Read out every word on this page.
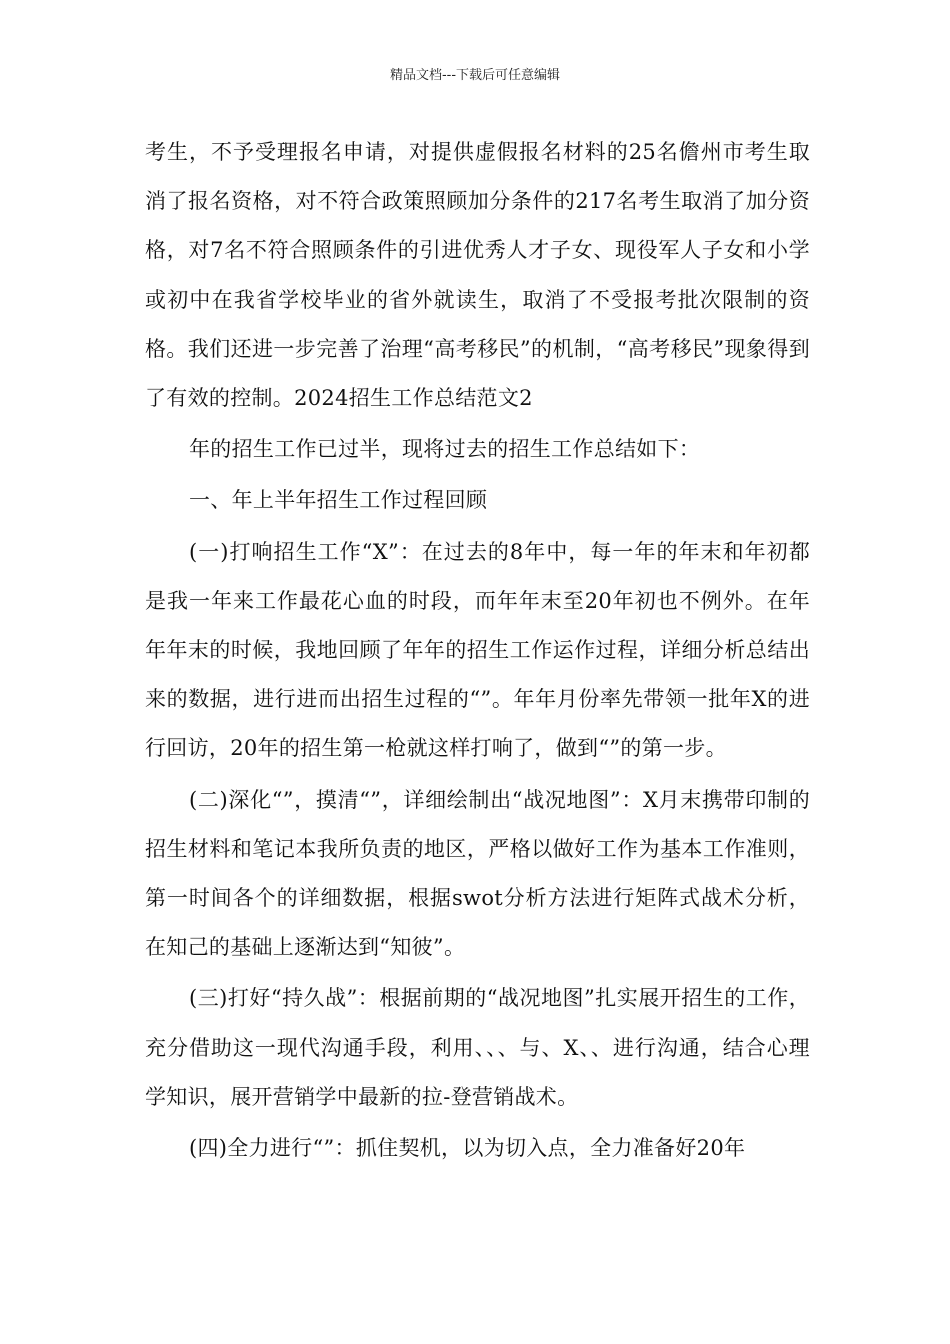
精品文档---下载后可任意编辑

考生，不予受理报名申请，对提供虚假报名材料的25名儋州市考生取消了报名资格，对不符合政策照顾加分条件的217名考生取消了加分资格，对7名不符合照顾条件的引进优秀人才子女、现役军人子女和小学或初中在我省学校毕业的省外就读生，取消了不受报考批次限制的资格。我们还进一步完善了治理“高考移民”的机制，“高考移民”现象得到了有效的控制。2024招生工作总结范文2

年的招生工作已过半，现将过去的招生工作总结如下：

一、年上半年招生工作过程回顾

(一)打响招生工作“X”：在过去的8年中，每一年的年末和年初都是我一年来工作最花心血的时段，而年年末至20年初也不例外。在年年年末的时候，我地回顾了年年的招生工作运作过程，详细分析总结出来的数据，进行进而出招生过程的“”。年年月份率先带领一批年X的进行回访，20年的招生第一枪就这样打响了，做到“”的第一步。

(二)深化“”，摸清“”，详细绘制出“战况地图”：X月末携带印制的招生材料和笔记本我所负责的地区，严格以做好工作为基本工作准则，第一时间各个的详细数据，根据swot分析方法进行矩阵式战术分析，在知己的基础上逐渐达到“知彼”。

(三)打好“持久战”：根据前期的“战况地图”扎实展开招生的工作，充分借助这一现代沟通手段，利用、、、与、X、、进行沟通，结合心理学知识，展开营销学中最新的拉-登营销战术。

(四)全力进行“”：抓住契机，以为切入点，全力准备好20年
